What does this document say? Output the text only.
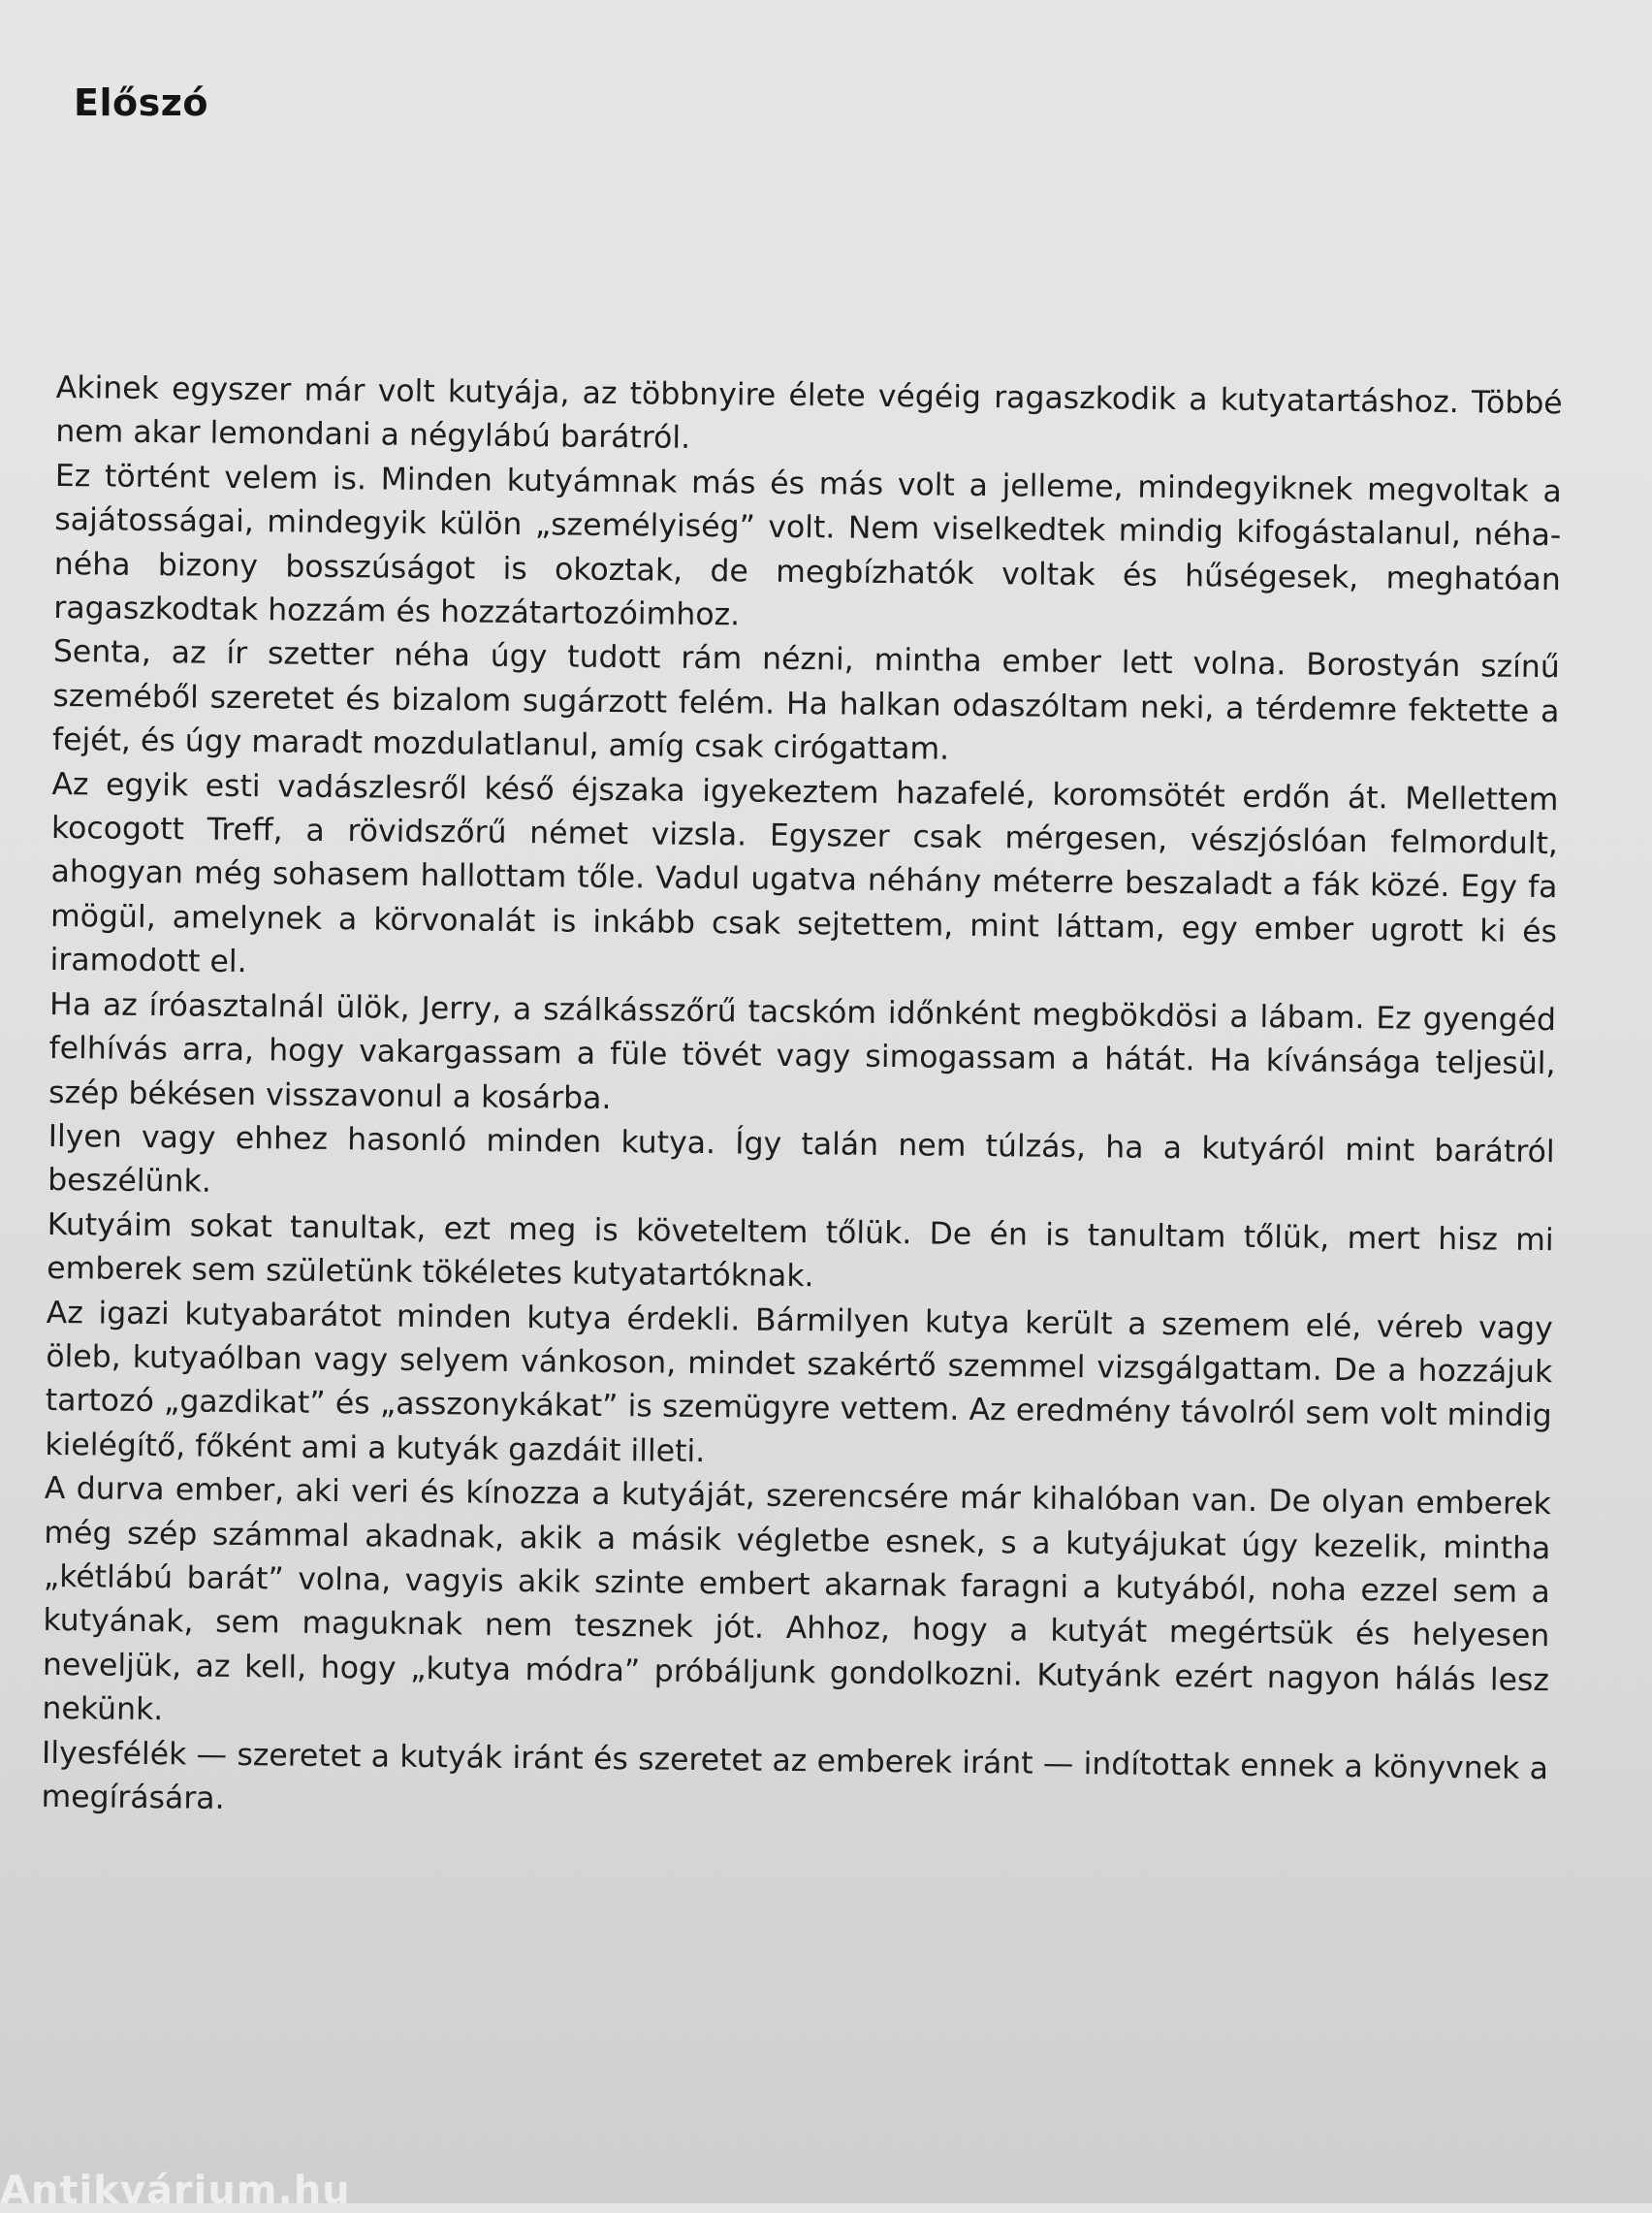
Előszó

Akinek egyszer már volt kutyája, az többnyire élete végéig ragaszkodik a kutyatartáshoz. Többé nem akar lemondani a négylábú barátról.

Ez történt velem is. Minden kutyámnak más és más volt a jelleme, mindegyiknek megvoltak a sajátosságai, mindegyik külön „személyiség” volt. Nem viselkedtek mindig kifogástalanul, néha-néha bizony bosszúságot is okoztak, de megbízhatók voltak és hűségesek, meghatóan ragaszkodtak hozzám és hozzátartozóimhoz.

Senta, az ír szetter néha úgy tudott rám nézni, mintha ember lett volna. Borostyán színű szeméből szeretet és bizalom sugárzott felém. Ha halkan odaszóltam neki, a térdemre fektette a fejét, és úgy maradt mozdulatlanul, amíg csak cirógattam.

Az egyik esti vadászlesről késő éjszaka igyekeztem hazafelé, koromsötét erdőn át. Mellettem kocogott Treff, a rövidszőrű német vizsla. Egyszer csak mérgesen, vészjóslóan felmordult, ahogyan még sohasem hallottam tőle. Vadul ugatva néhány méterre beszaladt a fák közé. Egy fa mögül, amelynek a körvonalát is inkább csak sejtettem, mint láttam, egy ember ugrott ki és iramodott el.

Ha az íróasztalnál ülök, Jerry, a szálkásszőrű tacskóm időnként megbökdösi a lábam. Ez gyengéd felhívás arra, hogy vakargassam a füle tövét vagy simogassam a hátát. Ha kívánsága teljesül, szép békésen visszavonul a kosárba.

Ilyen vagy ehhez hasonló minden kutya. Így talán nem túlzás, ha a kutyáról mint barátról beszélünk.

Kutyáim sokat tanultak, ezt meg is követeltem tőlük. De én is tanultam tőlük, mert hisz mi emberek sem születünk tökéletes kutyatartóknak.

Az igazi kutyabarátot minden kutya érdekli. Bármilyen kutya került a szemem elé, véreb vagy öleb, kutyaólban vagy selyem vánkoson, mindet szakértő szemmel vizsgálgattam. De a hozzájuk tartozó „gazdikat” és „asszonykákat” is szemügyre vettem. Az eredmény távolról sem volt mindig kielégítő, főként ami a kutyák gazdáit illeti.

A durva ember, aki veri és kínozza a kutyáját, szerencsére már kihalóban van. De olyan emberek még szép számmal akadnak, akik a másik végletbe esnek, s a kutyájukat úgy kezelik, mintha „kétlábú barát” volna, vagyis akik szinte embert akarnak faragni a kutyából, noha ezzel sem a kutyának, sem maguknak nem tesznek jót. Ahhoz, hogy a kutyát megértsük és helyesen neveljük, az kell, hogy „kutya módra” próbáljunk gondolkozni. Kutyánk ezért nagyon hálás lesz nekünk.

Ilyesfélék — szeretet a kutyák iránt és szeretet az emberek iránt — indítottak ennek a könyvnek a megírására.

Antikvárium.hu
